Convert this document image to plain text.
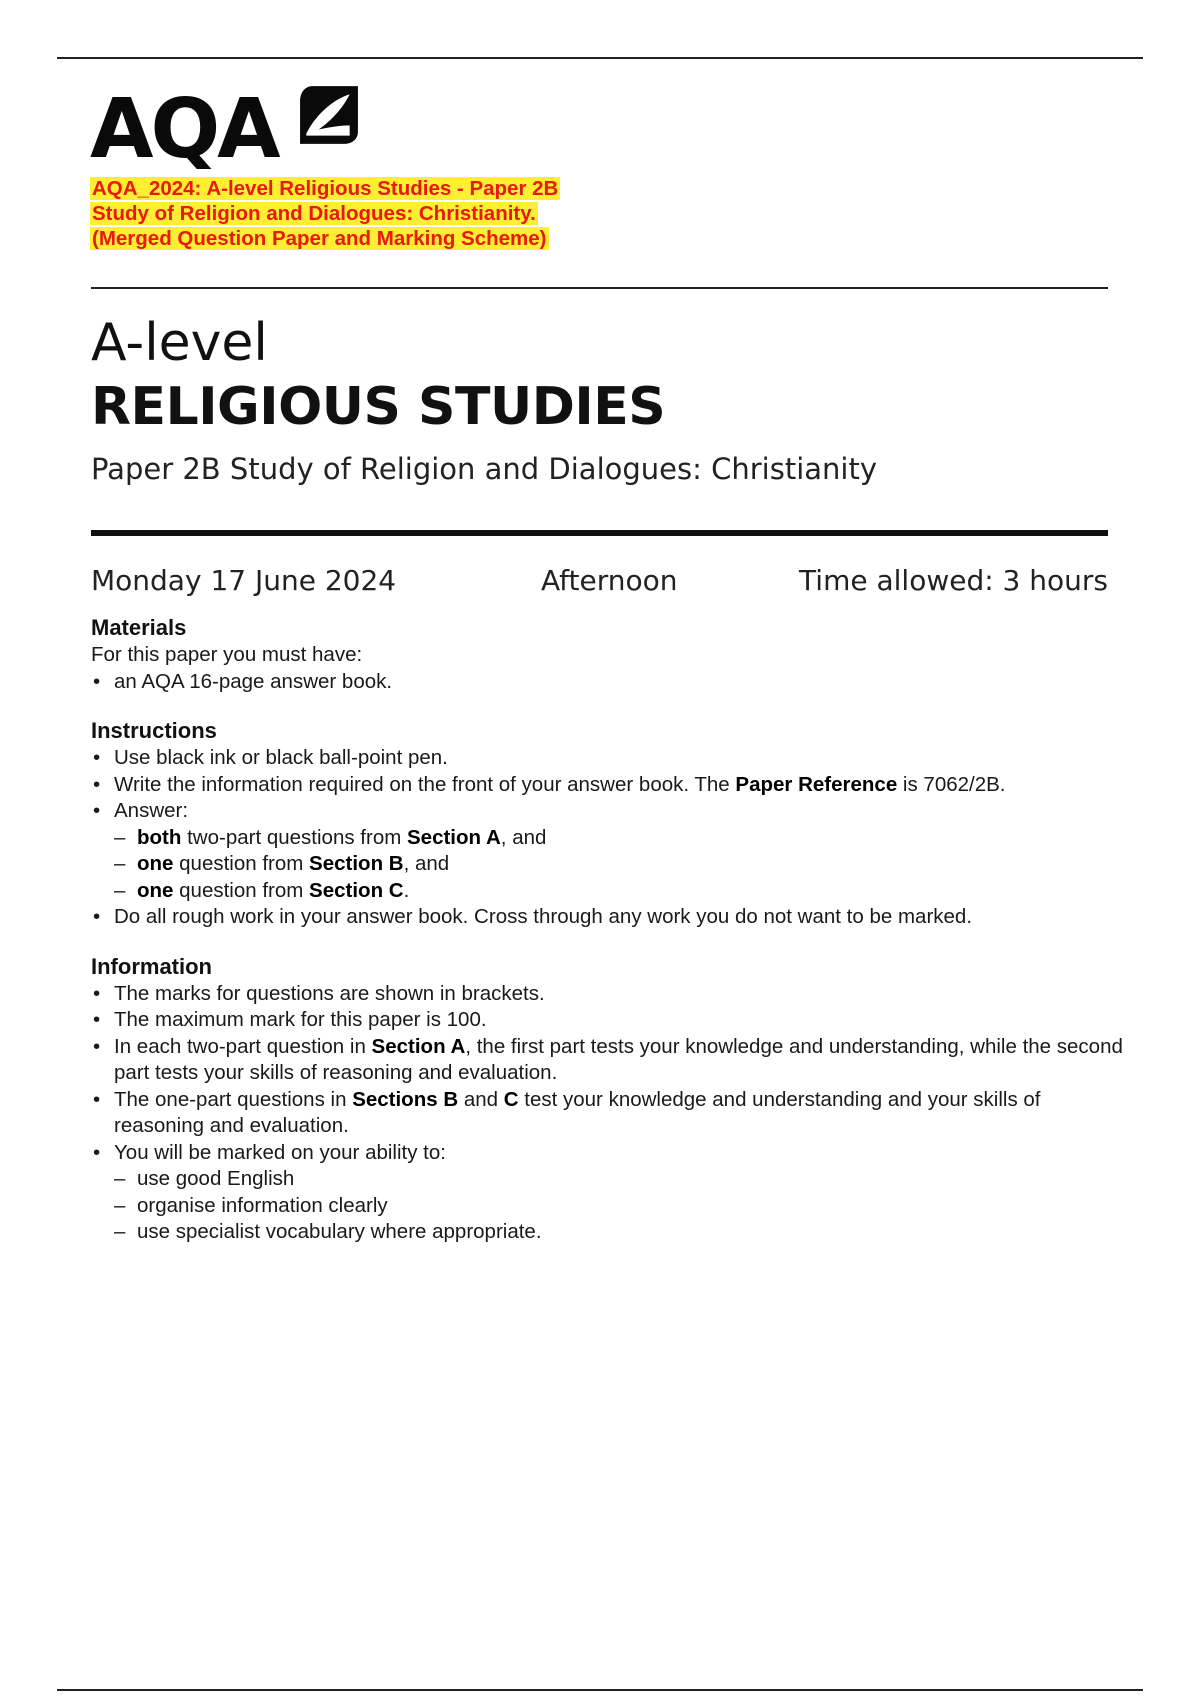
AQA
AQA_2024: A-level Religious Studies - Paper 2B
Study of Religion and Dialogues: Christianity.
(Merged Question Paper and Marking Scheme)
A-level
RELIGIOUS STUDIES
Paper 2B Study of Religion and Dialogues: Christianity
Monday 17 June 2024	Afternoon	Time allowed: 3 hours
Materials

For this paper you must have:

• an AQA 16-page answer book.
Instructions
• Use black ink or black ball-point pen.
• Write the information required on the front of your answer book. The Paper Reference is 7062/2B.
• Answer:
– both two-part questions from Section A, and
– one question from Section B, and
– one question from Section C.
• Do all rough work in your answer book. Cross through any work you do not want to be marked.
Information
• The marks for questions are shown in brackets.
• The maximum mark for this paper is 100.
• In each two-part question in Section A, the first part tests your knowledge and understanding, while the second part tests your skills of reasoning and evaluation.
• The one-part questions in Sections B and C test your knowledge and understanding and your skills of reasoning and evaluation.
• You will be marked on your ability to:
– use good English
– organise information clearly
– use specialist vocabulary where appropriate.
